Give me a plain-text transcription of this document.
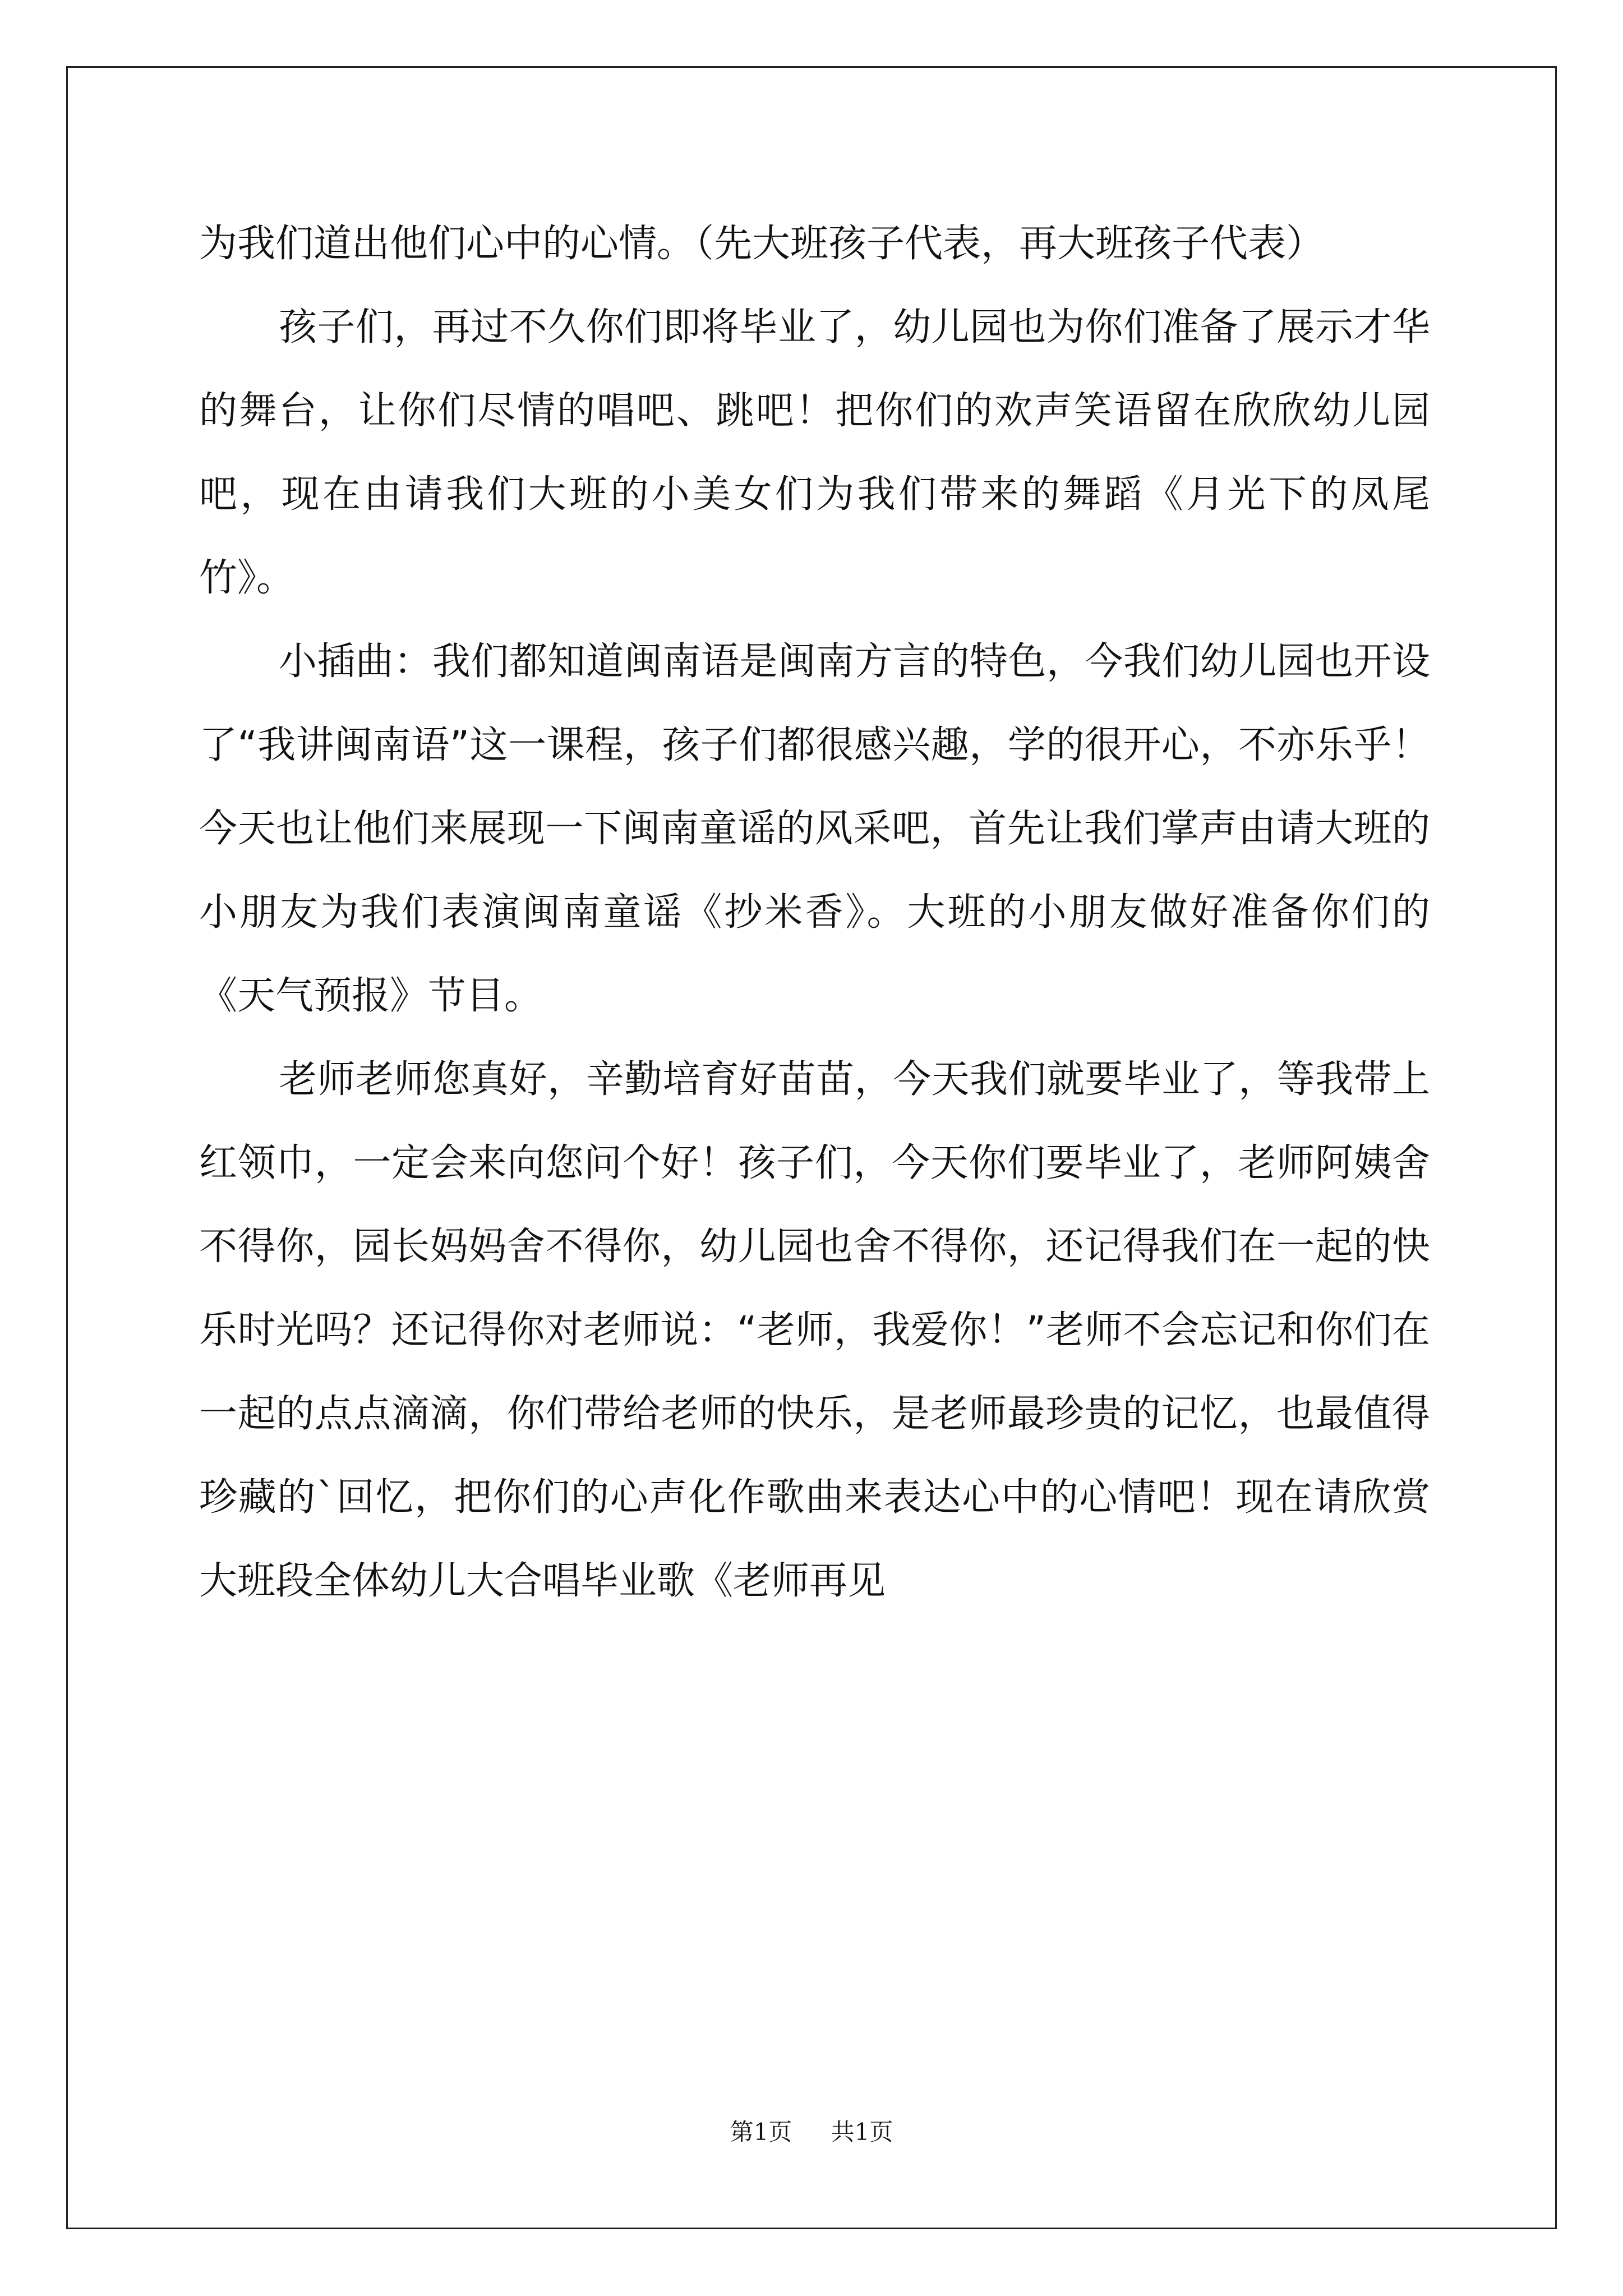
为我们道出他们心中的心情。（先大班孩子代表，再大班孩子代表）

孩子们，再过不久你们即将毕业了，幼儿园也为你们准备了展示才华的舞台，让你们尽情的唱吧、跳吧！把你们的欢声笑语留在欣欣幼儿园吧，现在由请我们大班的小美女们为我们带来的舞蹈《月光下的凤尾竹》。

小插曲：我们都知道闽南语是闽南方言的特色，今我们幼儿园也开设了“我讲闽南语”这一课程，孩子们都很感兴趣，学的很开心，不亦乐乎！今天也让他们来展现一下闽南童谣的风采吧，首先让我们掌声由请大班的小朋友为我们表演闽南童谣《抄米香》。大班的小朋友做好准备你们的《天气预报》节目。

老师老师您真好，辛勤培育好苗苗，今天我们就要毕业了，等我带上红领巾，一定会来向您问个好！孩子们，今天你们要毕业了，老师阿姨舍不得你，园长妈妈舍不得你，幼儿园也舍不得你，还记得我们在一起的快乐时光吗？还记得你对老师说：“老师，我爱你！”老师不会忘记和你们在一起的点点滴滴，你们带给老师的快乐，是老师最珍贵的记忆，也最值得珍藏的`回忆，把你们的心声化作歌曲来表达心中的心情吧！现在请欣赏大班段全体幼儿大合唱毕业歌《老师再见

第1页 共1页
